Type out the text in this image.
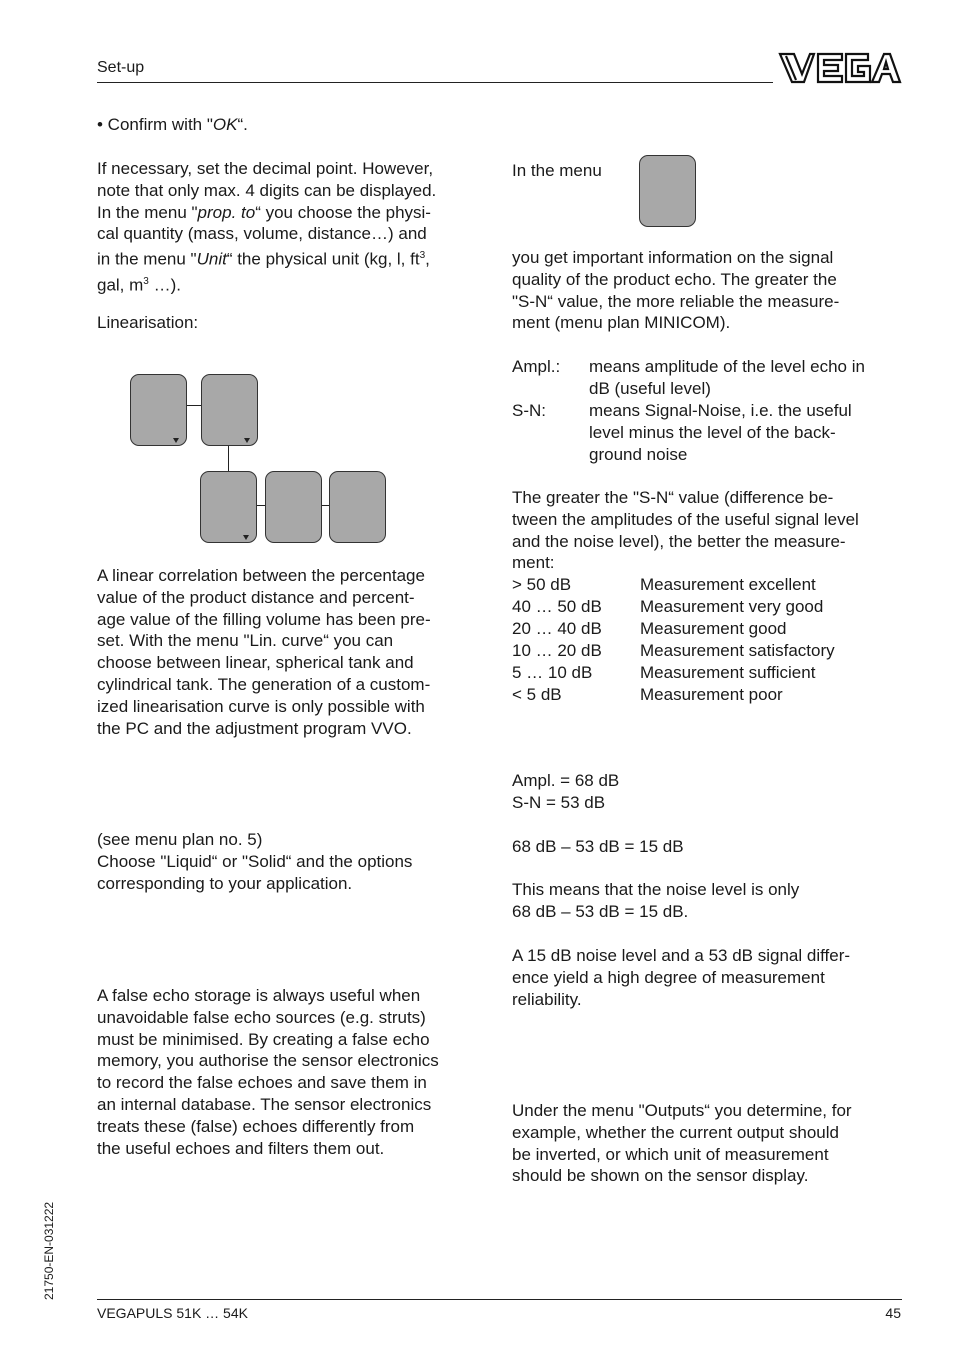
Set-up
• Confirm with "OK“.

If necessary, set the decimal point. However,

note that only max. 4 digits can be displayed.

In the menu "prop. to“ you choose the physi-

cal quantity (mass, volume, distance…) and

in the menu "Unit“ the physical unit (kg, l, $ft^3$,

gal, $m^3$ …).

Linearisation:

A linear correlation between the percentage

value of the product distance and percent-

age value of the filling volume has been pre-

set. With the menu "Lin. curve“ you can

choose between linear, spherical tank and

cylindrical tank. The generation of a custom-

ized linearisation curve is only possible with

the PC and the adjustment program VVO.

(see menu plan no. 5)

Choose "Liquid“ or "Solid“ and the options

corresponding to your application.

A false echo storage is always useful when

unavoidable false echo sources (e.g. struts)

must be minimised. By creating a false echo

memory, you authorise the sensor electronics

to record the false echoes and save them in

an internal database. The sensor electronics

treats these (false) echoes differently from

the useful echoes and filters them out.

In the menu

you get important information on the signal

quality of the product echo. The greater the

"S-N“ value, the more reliable the measure-

ment (menu plan MINICOM).

Ampl.: means amplitude of the level echo in

dB (useful level)

S-N:	means Signal-Noise, i.e. the useful

level minus the level of the back-

ground noise

The greater the "S-N“ value (difference be-

tween the amplitudes of the useful signal level

and the noise level), the better the measure-

ment:

> 50 dB	Measurement excellent
40 … 50 dB Measurement very good
20 … 40 dB Measurement good
10 … 20 dB Measurement satisfactory
5 … 10 dB	Measurement sufficient
< 5 dB	Measurement poor

Ampl. = 68 dB

S-N = 53 dB

68 dB – 53 dB = 15 dB

This means that the noise level is only

68 dB – 53 dB = 15 dB.

A 15 dB noise level and a 53 dB signal differ-

ence yield a high degree of measurement

reliability.

Under the menu "Outputs“ you determine, for

example, whether the current output should

be inverted, or which unit of measurement

should be shown on the sensor display.

21750-EN-031222
VEGAPULS 51K … 54K	45
